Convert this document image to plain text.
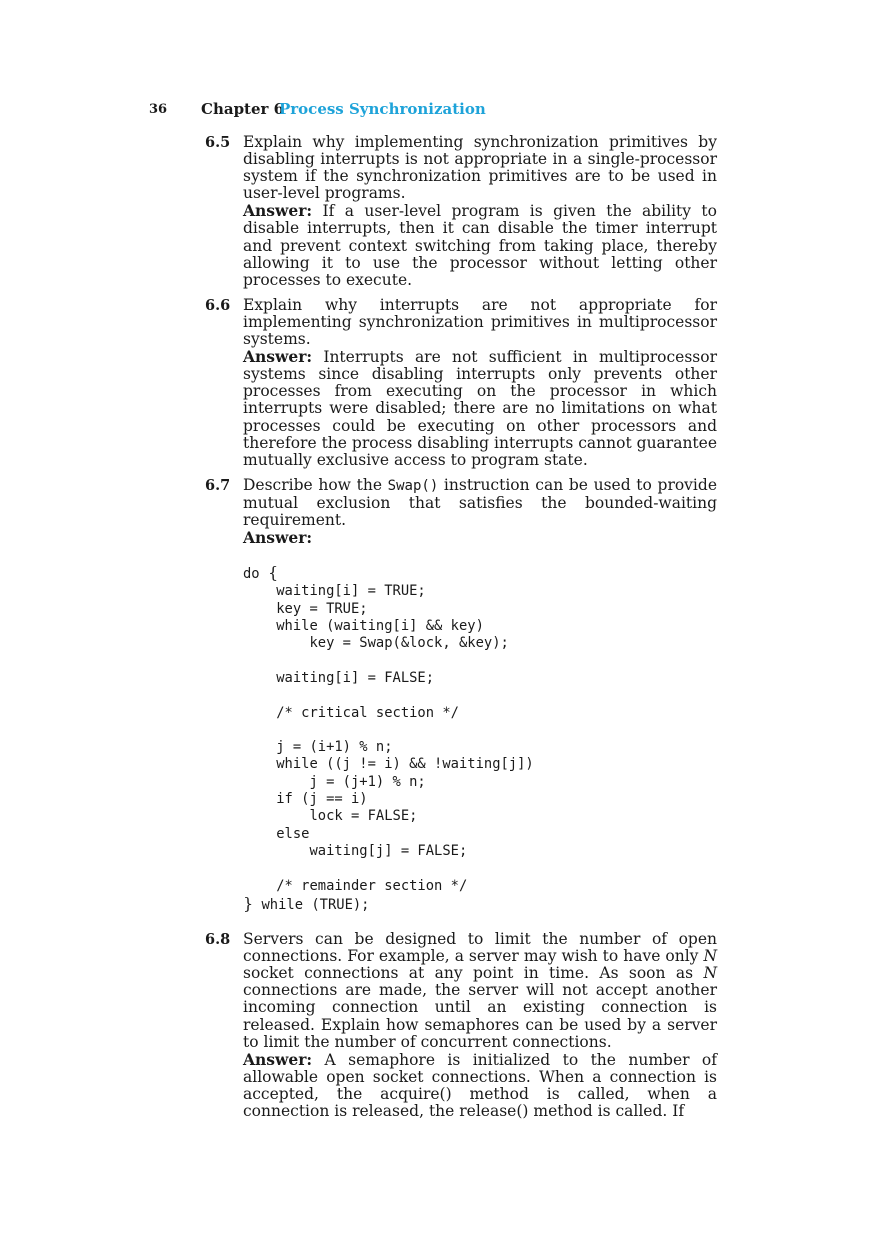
36 Chapter 6
Process Synchronization
6.5 Explain why implementing synchronization primitives by disabling interrupts is not appropriate in a single-processor system if the synchronization primitives are to be used in user-level programs.

Answer: If a user-level program is given the ability to disable interrupts, then it can disable the timer interrupt and prevent context switching from taking place, thereby allowing it to use the processor without letting other processes to execute.

6.6 Explain why interrupts are not appropriate for implementing synchronization primitives in multiprocessor systems.

Answer: Interrupts are not sufficient in multiprocessor systems since disabling interrupts only prevents other processes from executing on the processor in which interrupts were disabled; there are no limitations on what processes could be executing on other processors and therefore the process disabling interrupts cannot guarantee mutually exclusive access to program state.

6.7 Describe how the Swap() instruction can be used to provide mutual exclusion that satisfies the bounded-waiting requirement.

Answer:

do {
waiting[i] = TRUE;
key = TRUE;
while (waiting[i] && key)
key = Swap(&lock, &key);

waiting[i] = FALSE;

/* critical section */

j = (i+1) % n;
while ((j != i) && !waiting[j])
j = (j+1) % n;
if (j == i)
lock = FALSE;
else
waiting[j] = FALSE;

/* remainder section */
} while (TRUE);
6.8 Servers can be designed to limit the number of open connections. For example, a server may wish to have only N socket connections at any point in time. As soon as N connections are made, the server will not accept another incoming connection until an existing connection is released. Explain how semaphores can be used by a server to limit the number of concurrent connections.

Answer: A semaphore is initialized to the number of allowable open socket connections. When a connection is accepted, the acquire() method is called, when a connection is released, the release() method is called. If
